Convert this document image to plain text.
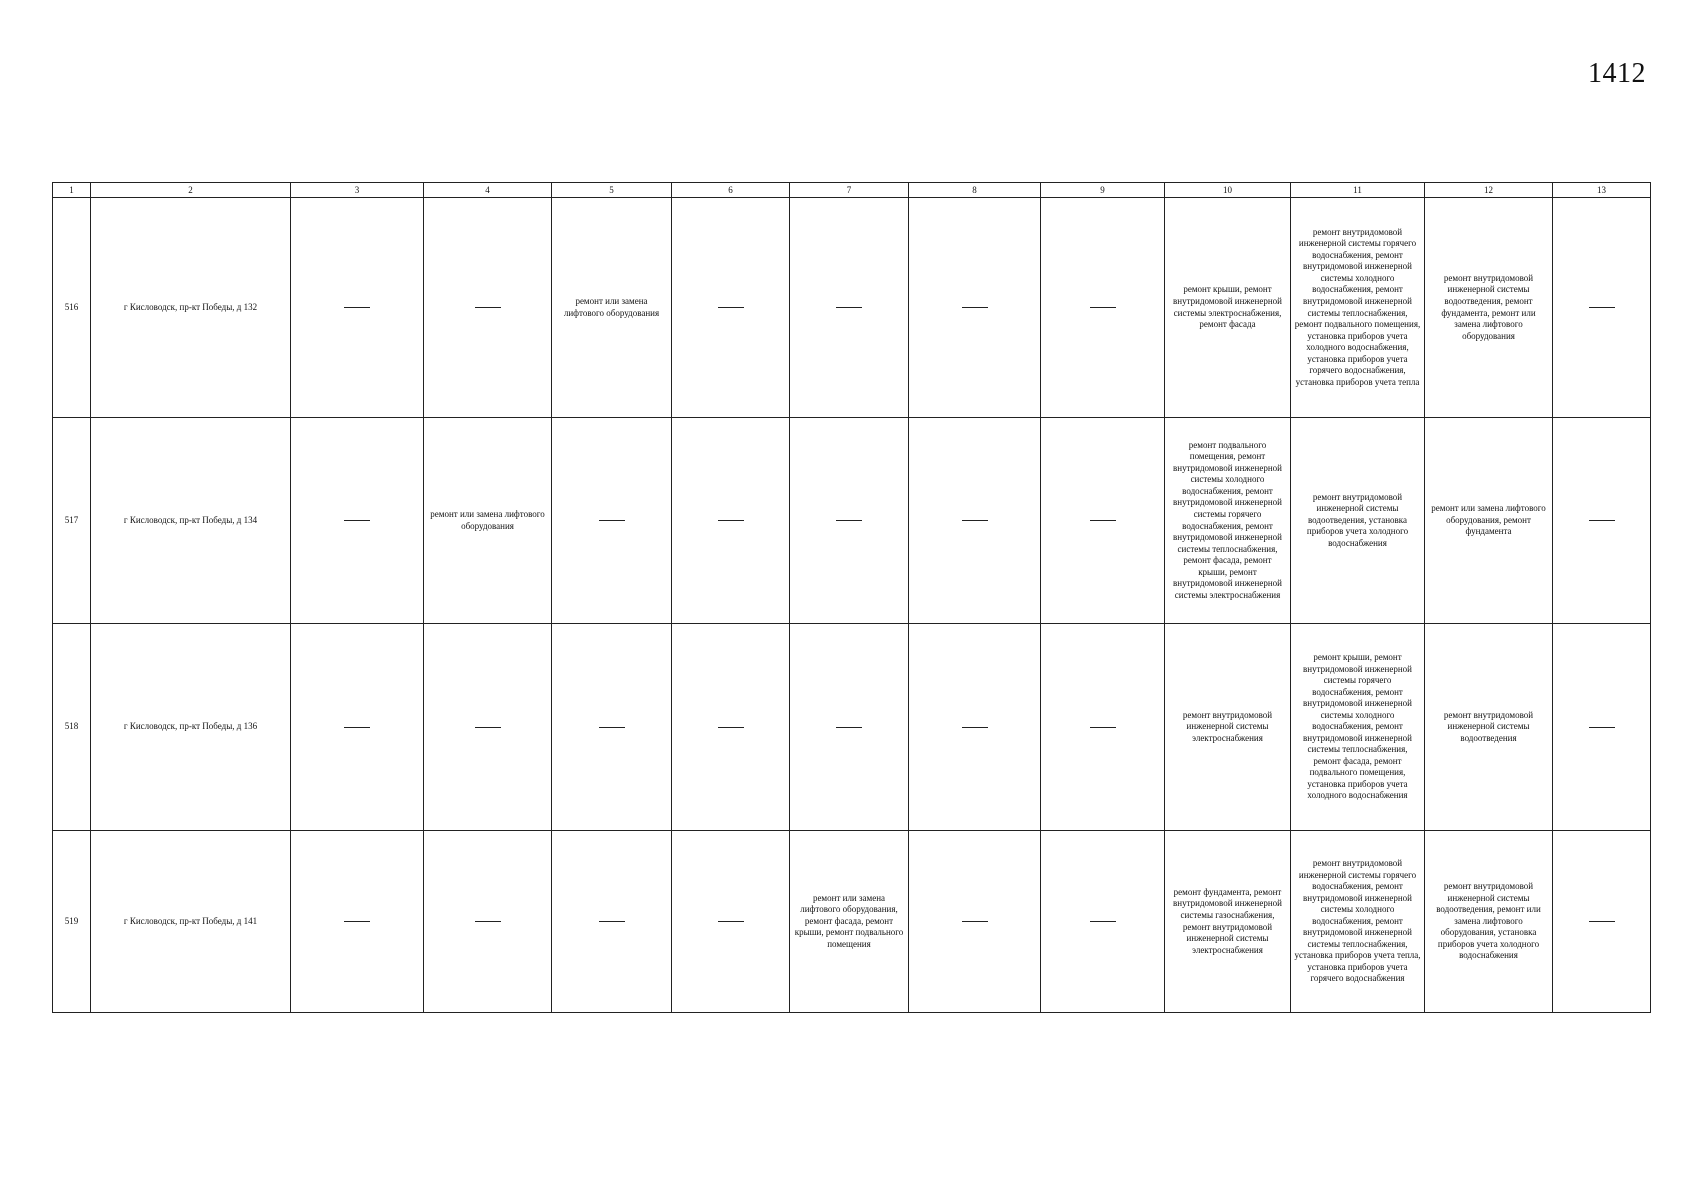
1412
1	2	3	4	5	6	7	8	9	10	11	12	13
516	г Кисловодск, пр-кт Победы, д 132			ремонт или замена лифтового оборудования					ремонт крыши, ремонт внутридомовой инженерной системы электроснабжения, ремонт фасада	ремонт внутридомовой инженерной системы горячего водоснабжения, ремонт внутридомовой инженерной системы холодного водоснабжения, ремонт внутридомовой инженерной системы теплоснабжения, ремонт подвального помещения, установка приборов учета холодного водоснабжения, установка приборов учета горячего водоснабжения, установка приборов учета тепла	ремонт внутридомовой инженерной системы водоотведения, ремонт фундамента, ремонт или замена лифтового оборудования	
517	г Кисловодск, пр-кт Победы, д 134		ремонт или замена лифтового оборудования						ремонт подвального помещения, ремонт внутридомовой инженерной системы холодного водоснабжения, ремонт внутридомовой инженерной системы горячего водоснабжения, ремонт внутридомовой инженерной системы теплоснабжения, ремонт фасада, ремонт крыши, ремонт внутридомовой инженерной системы электроснабжения	ремонт внутридомовой инженерной системы водоотведения, установка приборов учета холодного водоснабжения	ремонт или замена лифтового оборудования, ремонт фундамента	
518	г Кисловодск, пр-кт Победы, д 136								ремонт внутридомовой инженерной системы электроснабжения	ремонт крыши, ремонт внутридомовой инженерной системы горячего водоснабжения, ремонт внутридомовой инженерной системы холодного водоснабжения, ремонт внутридомовой инженерной системы теплоснабжения, ремонт фасада, ремонт подвального помещения, установка приборов учета холодного водоснабжения	ремонт внутридомовой инженерной системы водоотведения	
519	г Кисловодск, пр-кт Победы, д 141					ремонт или замена лифтового оборудования, ремонт фасада, ремонт крыши, ремонт подвального помещения			ремонт фундамента, ремонт внутридомовой инженерной системы газоснабжения, ремонт внутридомовой инженерной системы электроснабжения	ремонт внутридомовой инженерной системы горячего водоснабжения, ремонт внутридомовой инженерной системы холодного водоснабжения, ремонт внутридомовой инженерной системы теплоснабжения, установка приборов учета тепла, установка приборов учета горячего водоснабжения	ремонт внутридомовой инженерной системы водоотведения, ремонт или замена лифтового оборудования, установка приборов учета холодного водоснабжения	
